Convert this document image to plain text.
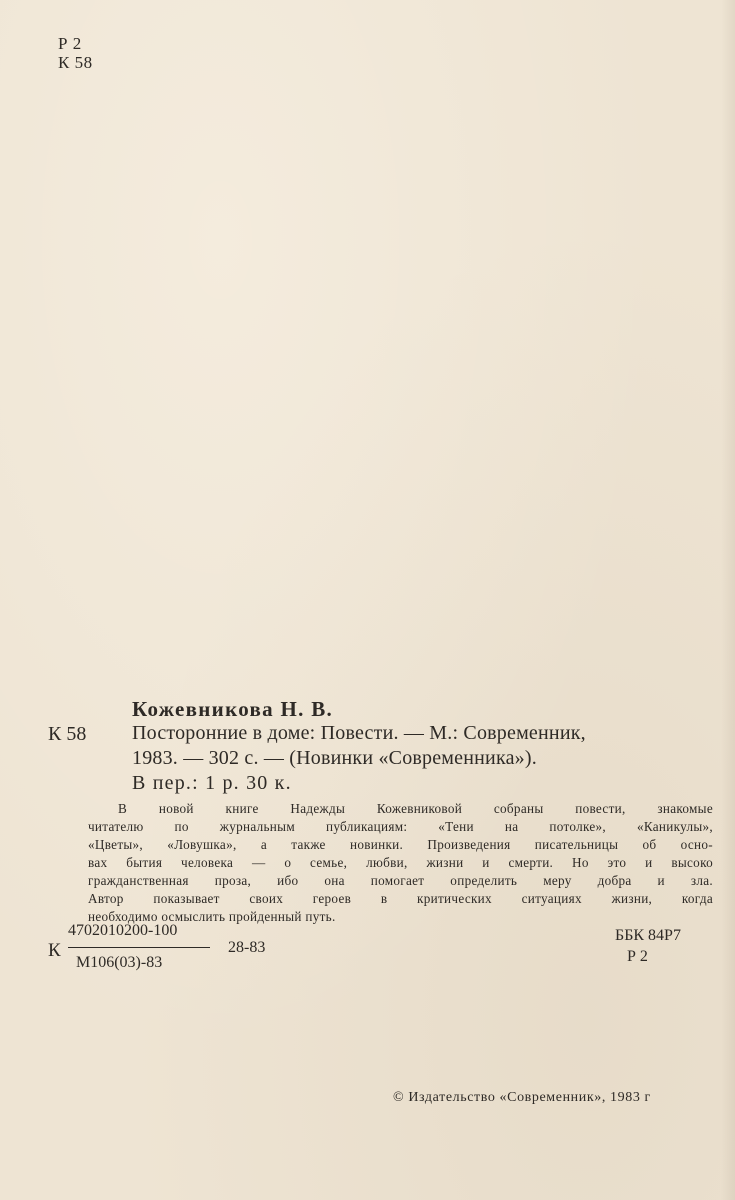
Р 2
К 58
Кожевникова Н. В.
К 58 Посторонние в доме: Повести. — М.: Современник,
1983. — 302 с. — (Новинки «Современника»).
В пер.: 1 р. 30 к.
В новой книге Надежды Кожевниковой собраны повести, знакомые
читателю по журнальным публикациям: «Тени на потолке», «Каникулы»,
«Цветы», «Ловушка», а также новинки. Произведения писательницы об осно-
вах бытия человека — о семье, любви, жизни и смерти. Но это и высоко
гражданственная проза, ибо она помогает определить меру добра и зла.
Автор показывает своих героев в критических ситуациях жизни, когда
необходимо осмыслить пройденный путь.
К
4702010200-100
М106(03)-83
28-83
ББК 84Р7
Р 2
© Издательство «Современник», 1983 г
